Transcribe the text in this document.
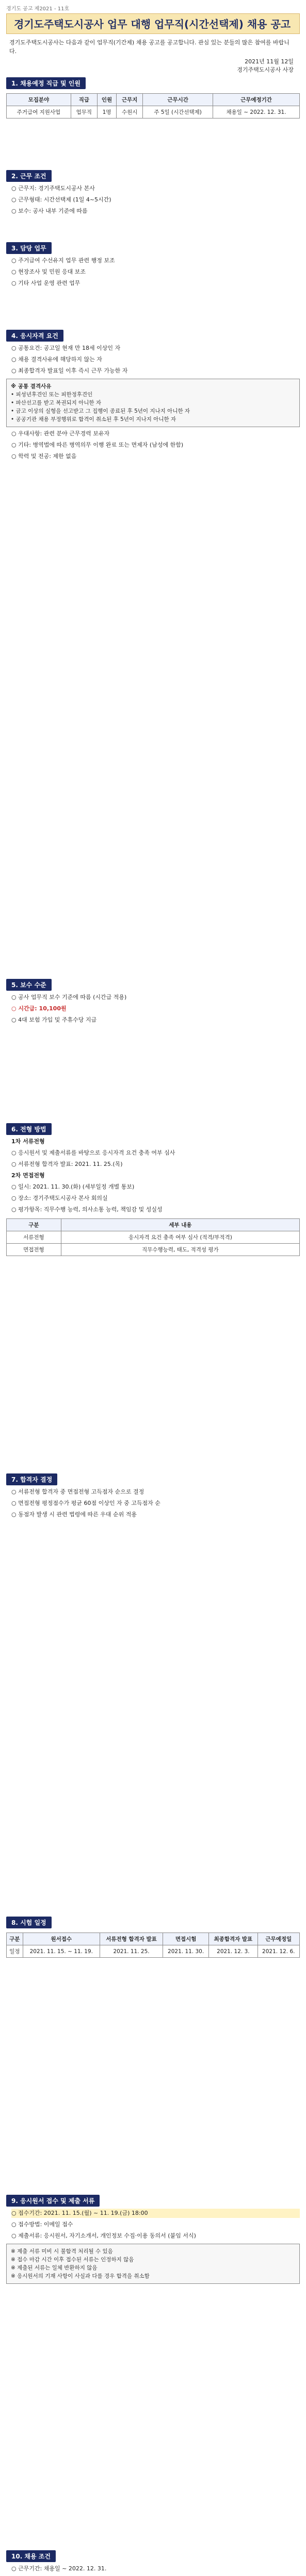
경기도 공고 제2021 - 11호
경기도주택도시공사 업무 대행 업무직(시간선택제) 채용 공고
경기도주택도시공사는 다음과 같이 업무직(기간제) 채용 공고를 공고합니다. 관심 있는 분들의 많은 참여를 바랍니다.
2021년 11월 12일
경기주택도시공사 사장
1. 채용예정 직급 및 인원
모집분야	직급	인원	근무지	근무시간	근무예정기간
주거급여 지원사업	업무직	1명	수원시	주 5일 (시간선택제)	채용일 ~ 2022. 12. 31.
2. 근무 조건
○ 근무지: 경기주택도시공사 본사
○ 근무형태: 시간선택제 (1일 4~5시간)
○ 보수: 공사 내부 기준에 따름
3. 담당 업무
○ 주거급여 수선유지 업무 관련 행정 보조
○ 현장조사 및 민원 응대 보조
○ 기타 사업 운영 관련 업무
4. 응시자격 요건
○ 공통요건: 공고일 현재 만 18세 이상인 자
○ 채용 결격사유에 해당하지 않는 자
○ 최종합격자 발표일 이후 즉시 근무 가능한 자
※ 공통 결격사유
• 피성년후견인 또는 피한정후견인
• 파산선고를 받고 복권되지 아니한 자
• 금고 이상의 실형을 선고받고 그 집행이 종료된 후 5년이 지나지 아니한 자
• 공공기관 채용 부정행위로 합격이 취소된 후 5년이 지나지 아니한 자
○ 우대사항: 관련 분야 근무경력 보유자
○ 기타: 병역법에 따른 병역의무 이행 완료 또는 면제자 (남성에 한함)
○ 학력 및 전공: 제한 없음
5. 보수 수준
○ 공사 업무직 보수 기준에 따름 (시간급 적용)
○ 시간급: 10,100원
○ 4대 보험 가입 및 주휴수당 지급
6. 전형 방법
1차 서류전형
○ 응시원서 및 제출서류를 바탕으로 응시자격 요건 충족 여부 심사
○ 서류전형 합격자 발표: 2021. 11. 25.(목)
2차 면접전형
○ 일시: 2021. 11. 30.(화) (세부일정 개별 통보)
○ 장소: 경기주택도시공사 본사 회의실
○ 평가항목: 직무수행 능력, 의사소통 능력, 책임감 및 성실성
구분	세부 내용
서류전형	응시자격 요건 충족 여부 심사 (적격/부적격)
면접전형	직무수행능력, 태도, 적격성 평가
7. 합격자 결정
○ 서류전형 합격자 중 면접전형 고득점자 순으로 결정
○ 면접전형 평정점수가 평균 60점 이상인 자 중 고득점자 순
○ 동점자 발생 시 관련 법령에 따른 우대 순위 적용
8. 시험 일정
구분	원서접수	서류전형 합격자 발표	면접시험	최종합격자 발표	근무예정일
일정	2021. 11. 15. ~ 11. 19.	2021. 11. 25.	2021. 11. 30.	2021. 12. 3.	2021. 12. 6.
9. 응시원서 접수 및 제출 서류
○ 접수기간: 2021. 11. 15.(월) ~ 11. 19.(금) 18:00
○ 접수방법: 이메일 접수
○ 제출서류: 응시원서, 자기소개서, 개인정보 수집·이용 동의서 (붙임 서식)
※ 제출 서류 미비 시 불합격 처리될 수 있음
※ 접수 마감 시간 이후 접수된 서류는 인정하지 않음
※ 제출된 서류는 일체 반환하지 않음
※ 응시원서의 기재 사항이 사실과 다를 경우 합격을 취소함
10. 채용 조건
○ 근무기간: 채용일 ~ 2022. 12. 31.
